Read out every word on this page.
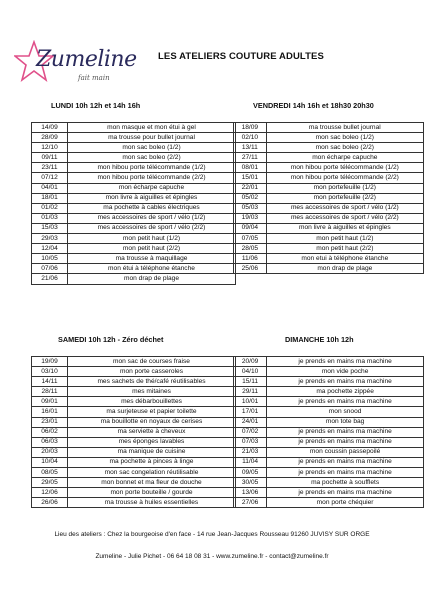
Zumeline
fait main
LES ATELIERS COUTURE ADULTES
LUNDI 10h 12h et 14h 16h	VENDREDI 14h 16h et 18h30 20h30
SAMEDI 10h 12h - Zéro déchet	DIMANCHE 10h 12h
14/09	mon masque et mon étui à gel
28/09	ma trousse pour bullet journal
12/10	mon sac boleo (1/2)
09/11	mon sac boleo (2/2)
23/11	mon hibou porte télécommande (1/2)
07/12	mon hibou porte télécommande (2/2)
04/01	mon écharpe capuche
18/01	mon livre à aiguilles et épingles
01/02	ma pochette à cables électriques
01/03	mes accessoires de sport / vélo (1/2)
15/03	mes accessoires de sport / vélo (2/2)
29/03	mon petit haut (1/2)
12/04	mon petit haut (2/2)
10/05	ma trousse à maquillage
07/06	mon étui à téléphone étanche
21/06	mon drap de plage
18/09	ma trousse bullet journal
02/10	mon sac boleo (1/2)
13/11	mon sac boleo (2/2)
27/11	mon écharpe capuche
08/01	mon hibou porte télécommande (1/2)
15/01	mon hibou porte télécommande (2/2)
22/01	mon portefeuille (1/2)
05/02	mon portefeuille (2/2)
05/03	mes accessoires de sport / vélo (1/2)
19/03	mes accessoires de sport / vélo (2/2)
09/04	mon livre à aiguilles et épingles
07/05	mon petit haut (1/2)
28/05	mon petit haut (2/2)
11/06	mon etui à téléphone étanche
25/06	mon drap de plage
19/09	mon sac de courses fraise
03/10	mon porte casseroles
14/11	mes sachets de thé/café réutilisables
28/11	mes mitaines
09/01	mes débarbouillettes
16/01	ma surjeteuse et papier toilette
23/01	ma bouillotte en noyaux de cerises
06/02	ma serviette à cheveux
06/03	mes éponges lavables
20/03	ma manique de cuisine
10/04	ma pochette à pinces à linge
08/05	mon sac congelation réutilisable
29/05	mon bonnet et ma fleur de douche
12/06	mon porte bouteille / gourde
26/06	ma trousse à huiles essentielles
20/09	je prends en mains ma machine
04/10	mon vide poche
15/11	je prends en mains ma machine
29/11	ma pochette zippée
10/01	je prends en mains ma machine
17/01	mon snood
24/01	mon tote bag
07/02	je prends en mains ma machine
07/03	je prends en mains ma machine
21/03	mon coussin passepoilé
11/04	je prends en mains ma machine
09/05	je prends en mains ma machine
30/05	ma pochette à soufflets
13/06	je prends en mains ma machine
27/06	mon porte chéquier
Lieu des ateliers : Chez la bourgeoise d'en face - 14 rue Jean-Jacques Rousseau 91260 JUVISY SUR ORGE
Zumeline - Julie Pichet - 06 64 18 08 31 - www.zumeline.fr - contact@zumeline.fr
